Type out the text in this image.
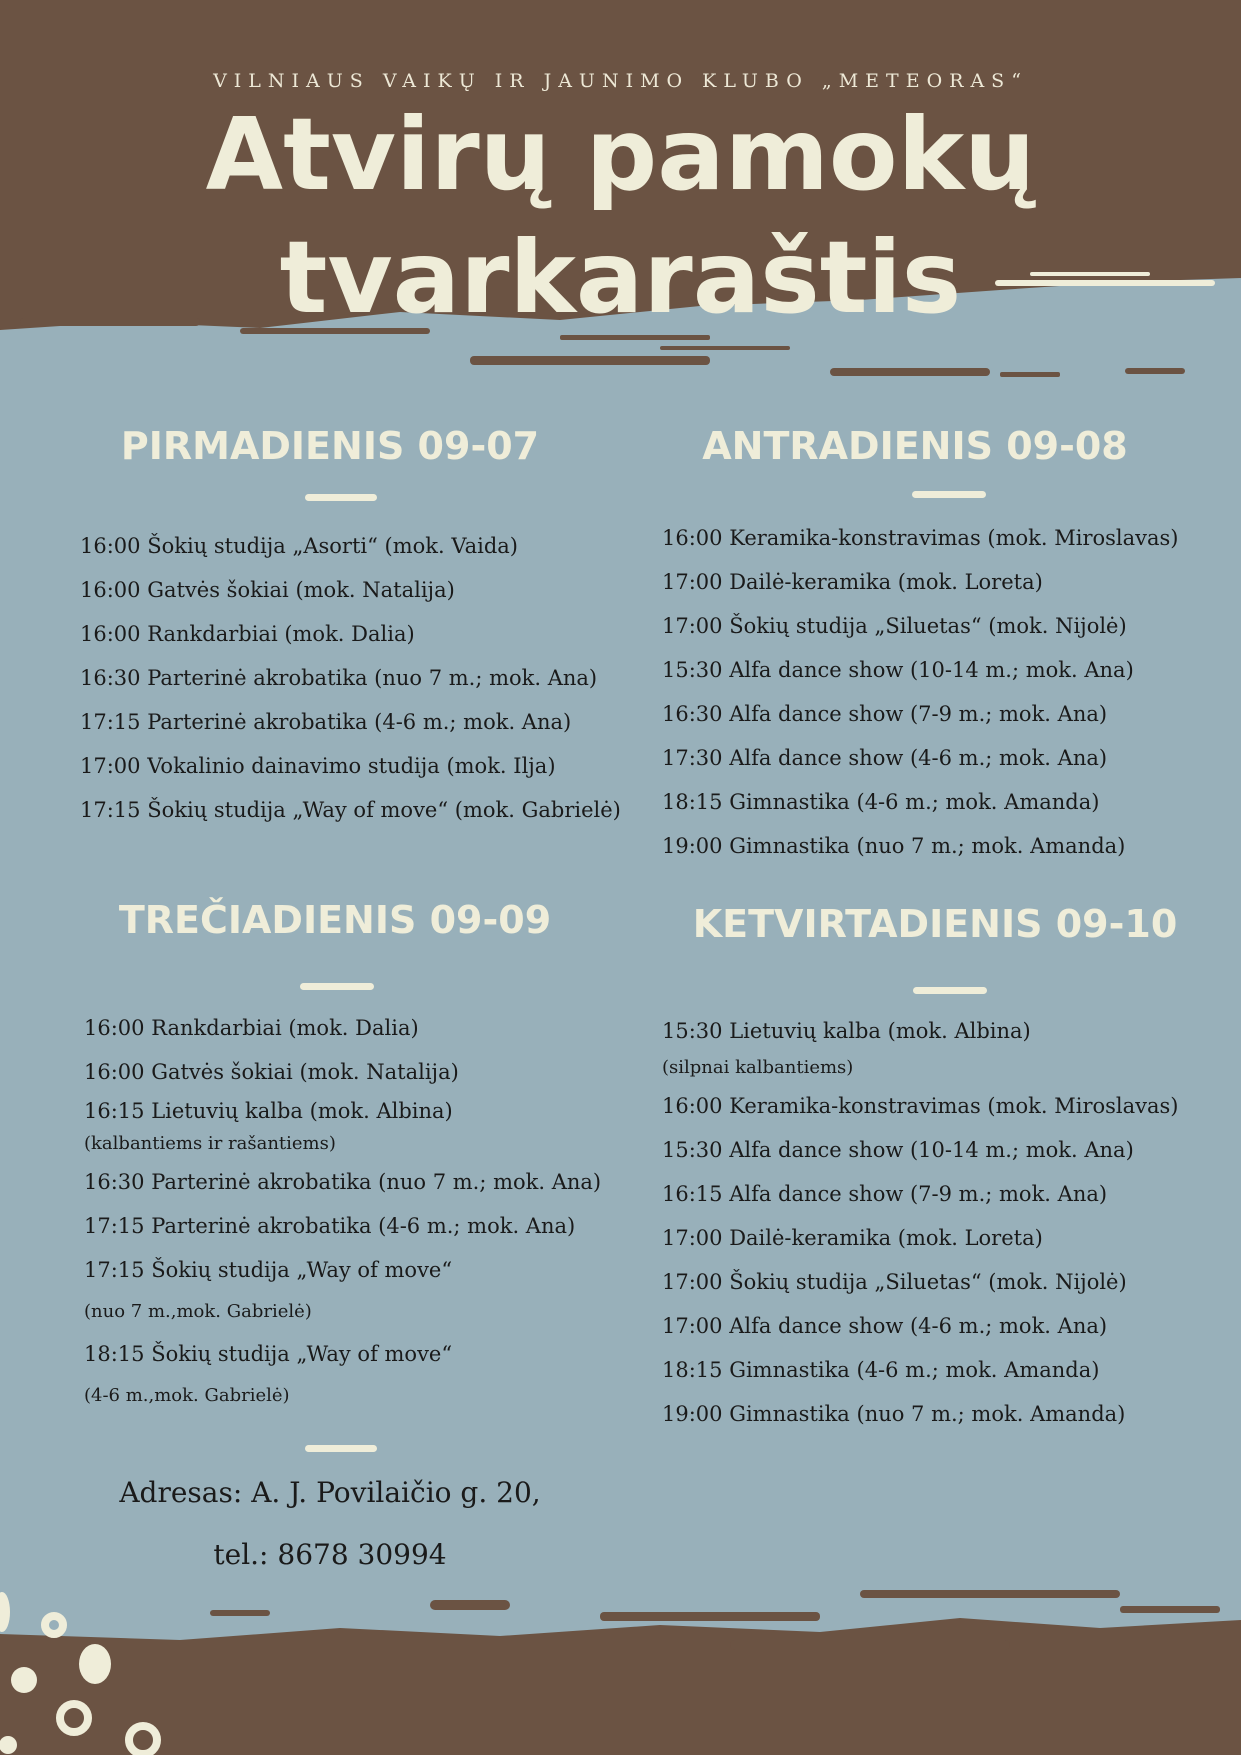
VILNIAUS VAIKŲ IR JAUNIMO KLUBO „METEORAS“
Atvirų pamokų
tvarkaraštis
PIRMADIENIS 09-07
16:00 Šokių studija „Asorti“ (mok. Vaida)
16:00 Gatvės šokiai (mok. Natalija)
16:00 Rankdarbiai (mok. Dalia)
16:30 Parterinė akrobatika (nuo 7 m.; mok. Ana)
17:15 Parterinė akrobatika (4-6 m.; mok. Ana)
17:00 Vokalinio dainavimo studija (mok. Ilja)
17:15 Šokių studija „Way of move“ (mok. Gabrielė)
ANTRADIENIS 09-08
16:00 Keramika-konstravimas (mok. Miroslavas)
17:00 Dailė-keramika (mok. Loreta)
17:00 Šokių studija „Siluetas“ (mok. Nijolė)
15:30 Alfa dance show (10-14 m.; mok. Ana)
16:30 Alfa dance show (7-9 m.; mok. Ana)
17:30 Alfa dance show (4-6 m.; mok. Ana)
18:15 Gimnastika (4-6 m.; mok. Amanda)
19:00 Gimnastika (nuo 7 m.; mok. Amanda)
TREČIADIENIS 09-09
16:00 Rankdarbiai (mok. Dalia)
16:00 Gatvės šokiai (mok. Natalija)
16:15 Lietuvių kalba (mok. Albina)
(kalbantiems ir rašantiems)
16:30 Parterinė akrobatika (nuo 7 m.; mok. Ana)
17:15 Parterinė akrobatika (4-6 m.; mok. Ana)
17:15 Šokių studija „Way of move“
(nuo 7 m.,mok. Gabrielė)
18:15 Šokių studija „Way of move“
(4-6 m.,mok. Gabrielė)
KETVIRTADIENIS 09-10
15:30 Lietuvių kalba (mok. Albina)
(silpnai kalbantiems)
16:00 Keramika-konstravimas (mok. Miroslavas)
15:30 Alfa dance show (10-14 m.; mok. Ana)
16:15 Alfa dance show (7-9 m.; mok. Ana)
17:00 Dailė-keramika (mok. Loreta)
17:00 Šokių studija „Siluetas“ (mok. Nijolė)
17:00 Alfa dance show (4-6 m.; mok. Ana)
18:15 Gimnastika (4-6 m.; mok. Amanda)
19:00 Gimnastika (nuo 7 m.; mok. Amanda)
Adresas: A. J. Povilaičio g. 20,
tel.: 8678 30994
